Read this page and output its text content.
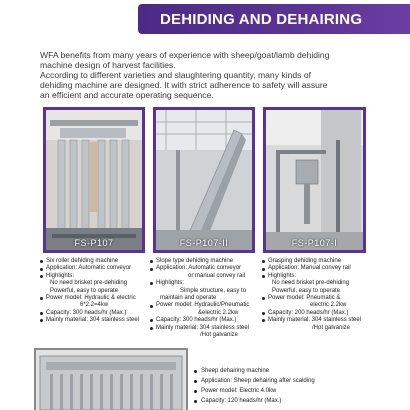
DEHIDING AND DEHAIRING

WFA benefits from many years of experience with sheep/goat/lamb dehiding

machine design of harvest facilities.

According to different varieties and slaughtering quantity, many kinds of

dehiding machine are designed. It with strict adherence to safety will assure

an efficient and accurate operating sequence.

FS-P107	FS-P107-II	FS-P107-I
Six roller dehiding machine
Application: Automatic conveyor
Highlights:
No need brisket pre-dehiding
Powerful, easy to operate
Power model: Hydraulic & electric
6*2.2=4kw
Capacity: 300 heads/hr (Max.)
Mainly material: 304 stainless steel
Slope type dehiding machine
Application: Automatic conveyor
or manual convey rail
Highlights:
Simple structure, easy to
maintain and operate
Power model: Hydraulic/Pneumatic
&electric 2.2kw
Capacity: 300 heads/hr (Max.)
Mainly material: 304 stainless steel
/Hot galvanize
Grasping dehiding machine
Application: Manual convey rail
Highlights:
No need brisket pre-dehiding
Powerful, easy to operate
Power model: Pneumatic &
electric 2.2kw
Capacity: 200 heads/hr (Max.)
Mainly material: 304 stainless steel
/Hot galvanize
Sheep dehairing machine
Application: Sheep dehairing after scalding
Power model: Electric 4.0kw
Capacity: 120 heads/hr (Max.)
